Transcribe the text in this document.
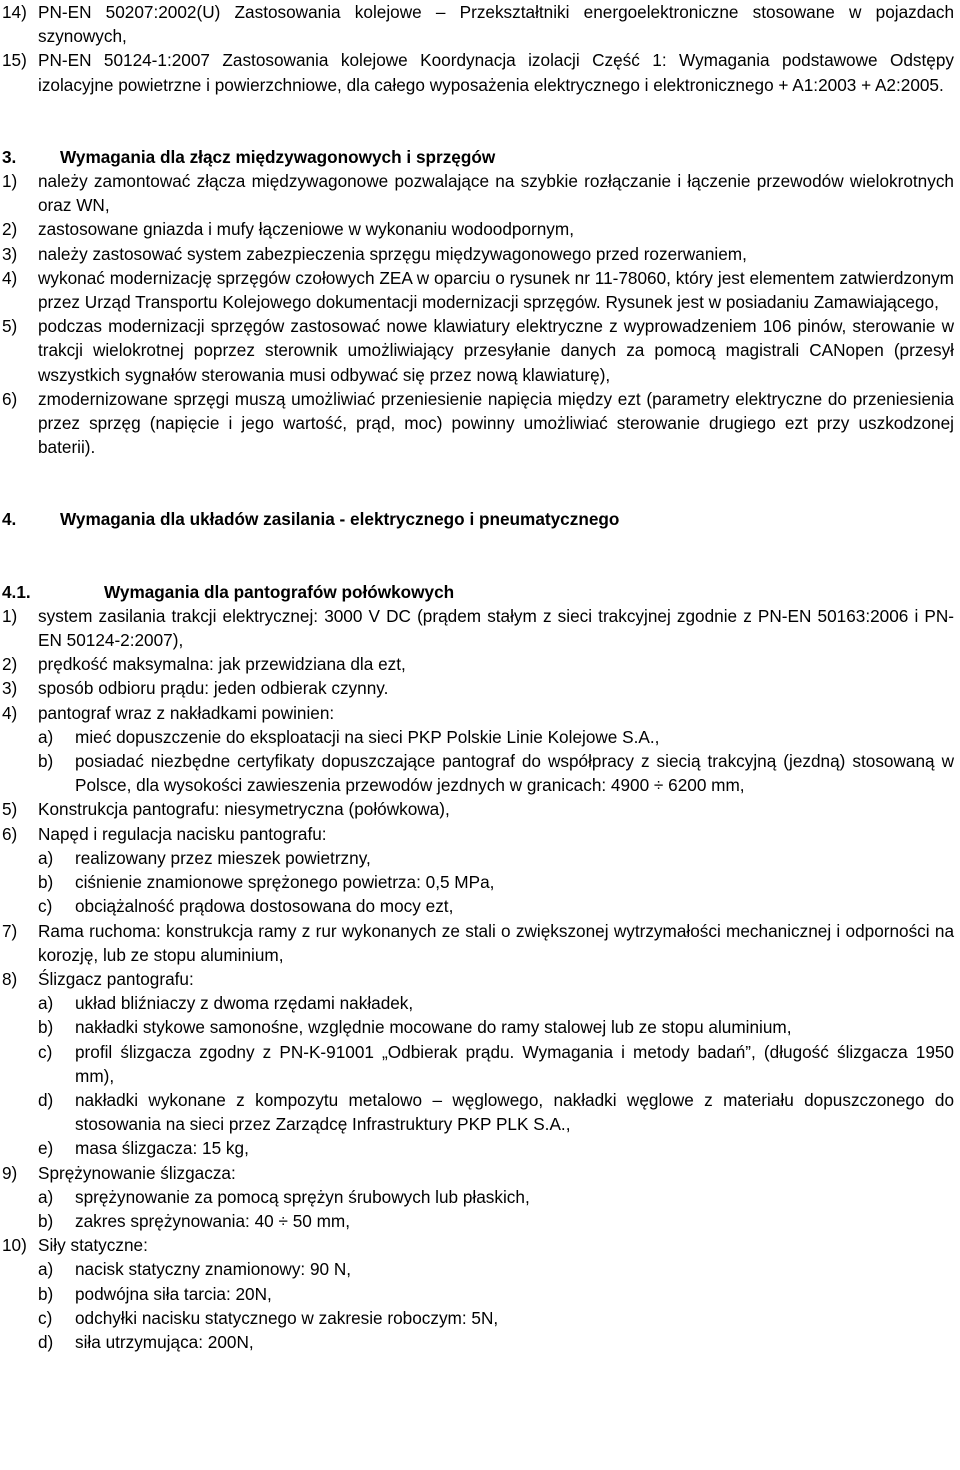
14) PN-EN 50207:2002(U) Zastosowania kolejowe – Przekształtniki energoelektroniczne stosowane w pojazdach szynowych,
15) PN-EN 50124-1:2007 Zastosowania kolejowe Koordynacja izolacji Część 1: Wymagania podstawowe Odstępy izolacyjne powietrzne i powierzchniowe, dla całego wyposażenia elektrycznego i elektronicznego + A1:2003 + A2:2005.
3.	Wymagania dla złącz międzywagonowych i sprzęgów
1)	należy zamontować złącza międzywagonowe pozwalające na szybkie rozłączanie i łączenie przewodów wielokrotnych oraz WN,
2)	zastosowane gniazda i mufy łączeniowe w wykonaniu wodoodpornym,
3)	należy zastosować system zabezpieczenia sprzęgu międzywagonowego przed rozerwaniem,
4)	wykonać modernizację sprzęgów czołowych ZEA w oparciu o rysunek nr 11-78060, który jest elementem zatwierdzonym przez Urząd Transportu Kolejowego dokumentacji modernizacji sprzęgów. Rysunek jest w posiadaniu Zamawiającego,
5)	podczas modernizacji sprzęgów zastosować nowe klawiatury elektryczne z wyprowadzeniem 106 pinów, sterowanie w trakcji wielokrotnej poprzez sterownik umożliwiający przesyłanie danych za pomocą magistrali CANopen (przesył wszystkich sygnałów sterowania musi odbywać się przez nową klawiaturę),
6)	zmodernizowane sprzęgi muszą umożliwiać przeniesienie napięcia między ezt (parametry elektryczne do przeniesienia przez sprzęg (napięcie i jego wartość, prąd, moc) powinny umożliwiać sterowanie drugiego ezt przy uszkodzonej baterii).
4.	Wymagania dla układów zasilania - elektrycznego i pneumatycznego
4.1.	Wymagania dla pantografów połówkowych
1)	system zasilania trakcji elektrycznej: 3000 V DC (prądem stałym z sieci trakcyjnej zgodnie z PN-EN 50163:2006 i PN-EN 50124-2:2007),
2)	prędkość maksymalna: jak przewidziana dla ezt,
3)	sposób odbioru prądu: jeden odbierak czynny.
4)	pantograf wraz z nakładkami powinien:
a)	mieć dopuszczenie do eksploatacji na sieci PKP Polskie Linie Kolejowe S.A.,
b)	posiadać niezbędne certyfikaty dopuszczające pantograf do współpracy z siecią trakcyjną (jezdną) stosowaną w Polsce, dla wysokości zawieszenia przewodów jezdnych w granicach: 4900 ÷ 6200 mm,
5)	Konstrukcja pantografu: niesymetryczna (połówkowa),
6)	Napęd i regulacja nacisku pantografu:
a)	realizowany przez mieszek powietrzny,
b)	ciśnienie znamionowe sprężonego powietrza: 0,5 MPa,
c)	obciążalność prądowa dostosowana do mocy ezt,
7)	Rama ruchoma: konstrukcja ramy z rur wykonanych ze stali o zwiększonej wytrzymałości mechanicznej i odporności na korozję, lub ze stopu aluminium,
8)	Ślizgacz pantografu:
a)	układ bliźniaczy z dwoma rzędami nakładek,
b)	nakładki stykowe samonośne, względnie mocowane do ramy stalowej lub ze stopu aluminium,
c)	profil ślizgacza zgodny z PN-K-91001 „Odbierak prądu. Wymagania i metody badań”, (długość ślizgacza 1950 mm),
d)	nakładki wykonane z kompozytu metalowo – węglowego, nakładki węglowe z materiału dopuszczonego do stosowania na sieci przez Zarządcę Infrastruktury PKP PLK S.A.,
e)	masa ślizgacza: 15 kg,
9)	Sprężynowanie ślizgacza:
a)	sprężynowanie za pomocą sprężyn śrubowych lub płaskich,
b)	zakres sprężynowania: 40 ÷ 50 mm,
10) Siły statyczne:
a)	nacisk statyczny znamionowy: 90 N,
b)	podwójna siła tarcia: 20N,
c)	odchyłki nacisku statycznego w zakresie roboczym: 5N,
d)	siła utrzymująca: 200N,
